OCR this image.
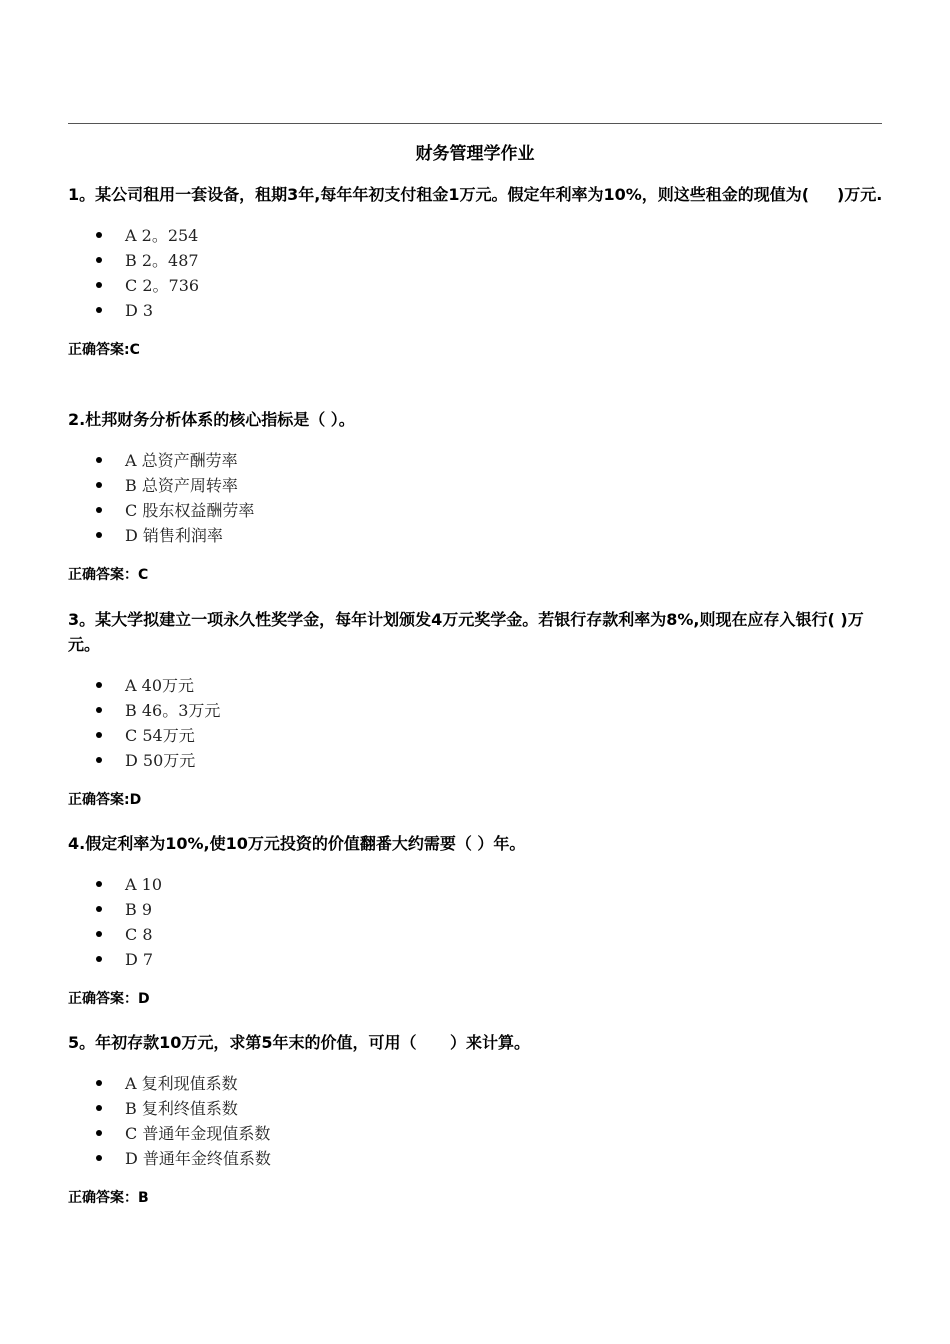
财务管理学作业

1。某公司租用一套设备，租期3年,每年年初支付租金1万元。假定年利率为10%，则这些租金的现值为(     )万元.

A 2。254
B 2。487
C 2。736
D 3
正确答案:C

2.杜邦财务分析体系的核心指标是（ ）。

A 总资产酬劳率
B 总资产周转率
C 股东权益酬劳率
D 销售利润率
正确答案：C

3。某大学拟建立一项永久性奖学金，每年计划颁发4万元奖学金。若银行存款利率为8%,则现在应存入银行( )万元。

A 40万元
B 46。3万元
C 54万元
D 50万元
正确答案:D

4.假定利率为10%,使10万元投资的价值翻番大约需要（ ）年。

A 10
B 9
C 8
D 7
正确答案：D

5。年初存款10万元，求第5年末的价值，可用（      ）来计算。

A 复利现值系数
B 复利终值系数
C 普通年金现值系数
D 普通年金终值系数
正确答案：B
